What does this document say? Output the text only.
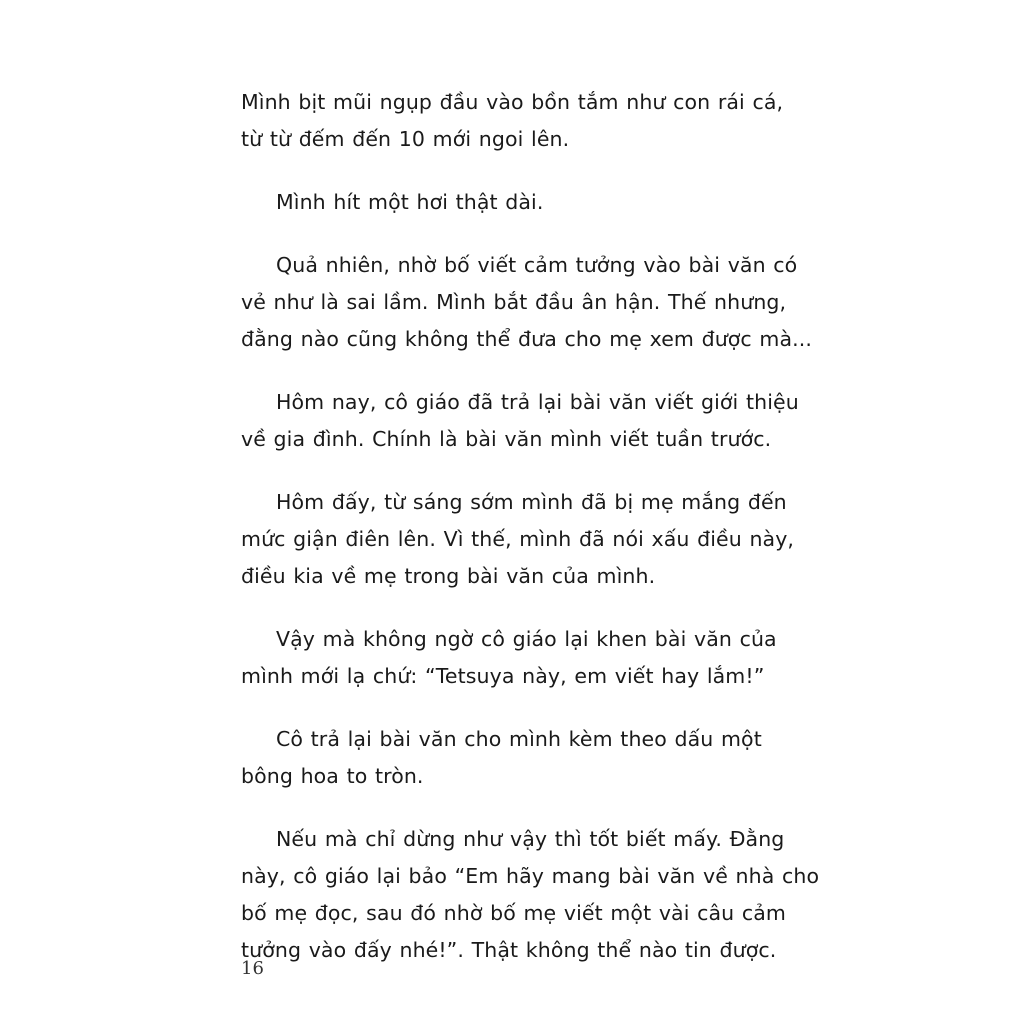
Mình bịt mũi ngụp đầu vào bồn tắm như con rái cá,
từ từ đếm đến 10 mới ngoi lên.

Mình hít một hơi thật dài.

Quả nhiên, nhờ bố viết cảm tưởng vào bài văn có
vẻ như là sai lầm. Mình bắt đầu ân hận. Thế nhưng,
đằng nào cũng không thể đưa cho mẹ xem được mà...

Hôm nay, cô giáo đã trả lại bài văn viết giới thiệu
về gia đình. Chính là bài văn mình viết tuần trước.

Hôm đấy, từ sáng sớm mình đã bị mẹ mắng đến
mức giận điên lên. Vì thế, mình đã nói xấu điều này,
điều kia về mẹ trong bài văn của mình.

Vậy mà không ngờ cô giáo lại khen bài văn của
mình mới lạ chứ: “Tetsuya này, em viết hay lắm!”

Cô trả lại bài văn cho mình kèm theo dấu một
bông hoa to tròn.

Nếu mà chỉ dừng như vậy thì tốt biết mấy. Đằng
này, cô giáo lại bảo “Em hãy mang bài văn về nhà cho
bố mẹ đọc, sau đó nhờ bố mẹ viết một vài câu cảm
tưởng vào đấy nhé!”. Thật không thể nào tin được.

16
